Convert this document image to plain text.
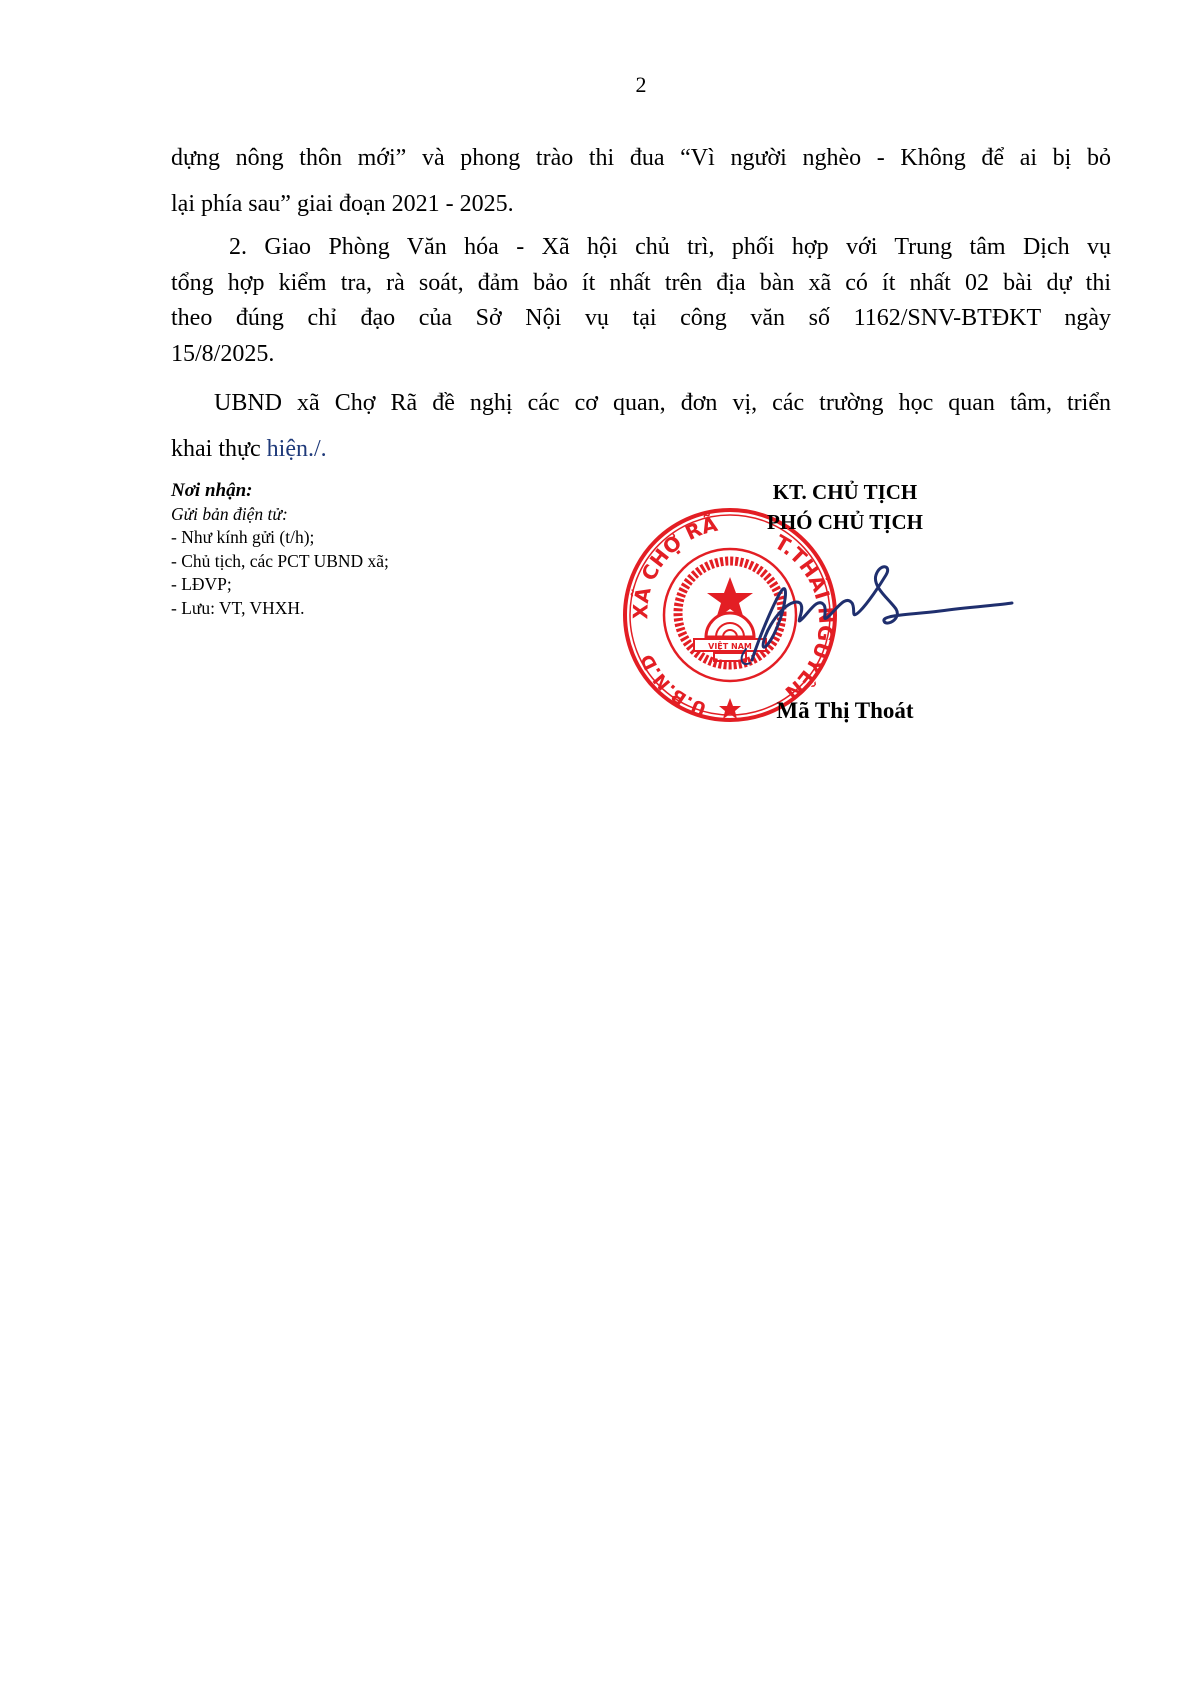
2
dựng nông thôn mới” và phong trào thi đua “Vì người nghèo - Không để ai bị bỏ
lại phía sau” giai đoạn 2021 - 2025.
2. Giao Phòng Văn hóa - Xã hội chủ trì, phối hợp với Trung tâm Dịch vụ
tổng hợp kiểm tra, rà soát, đảm bảo ít nhất trên địa bàn xã có ít nhất 02 bài dự thi
theo đúng chỉ đạo của Sở Nội vụ tại công văn số 1162/SNV-BTĐKT ngày
15/8/2025.
UBND xã Chợ Rã đề nghị các cơ quan, đơn vị, các trường học quan tâm, triển
khai thực hiện./.
Nơi nhận:
Gửi bản điện tử:
- Như kính gửi (t/h);
- Chủ tịch, các PCT UBND xã;
- LĐVP;
- Lưu: VT, VHXH.	XÃ CHỢ RÃ
T.THÁI NGUYÊN
U.B.N.D
VIỆT NAM
KT. CHỦ TỊCH
PHÓ CHỦ TỊCH
Mã Thị Thoát
